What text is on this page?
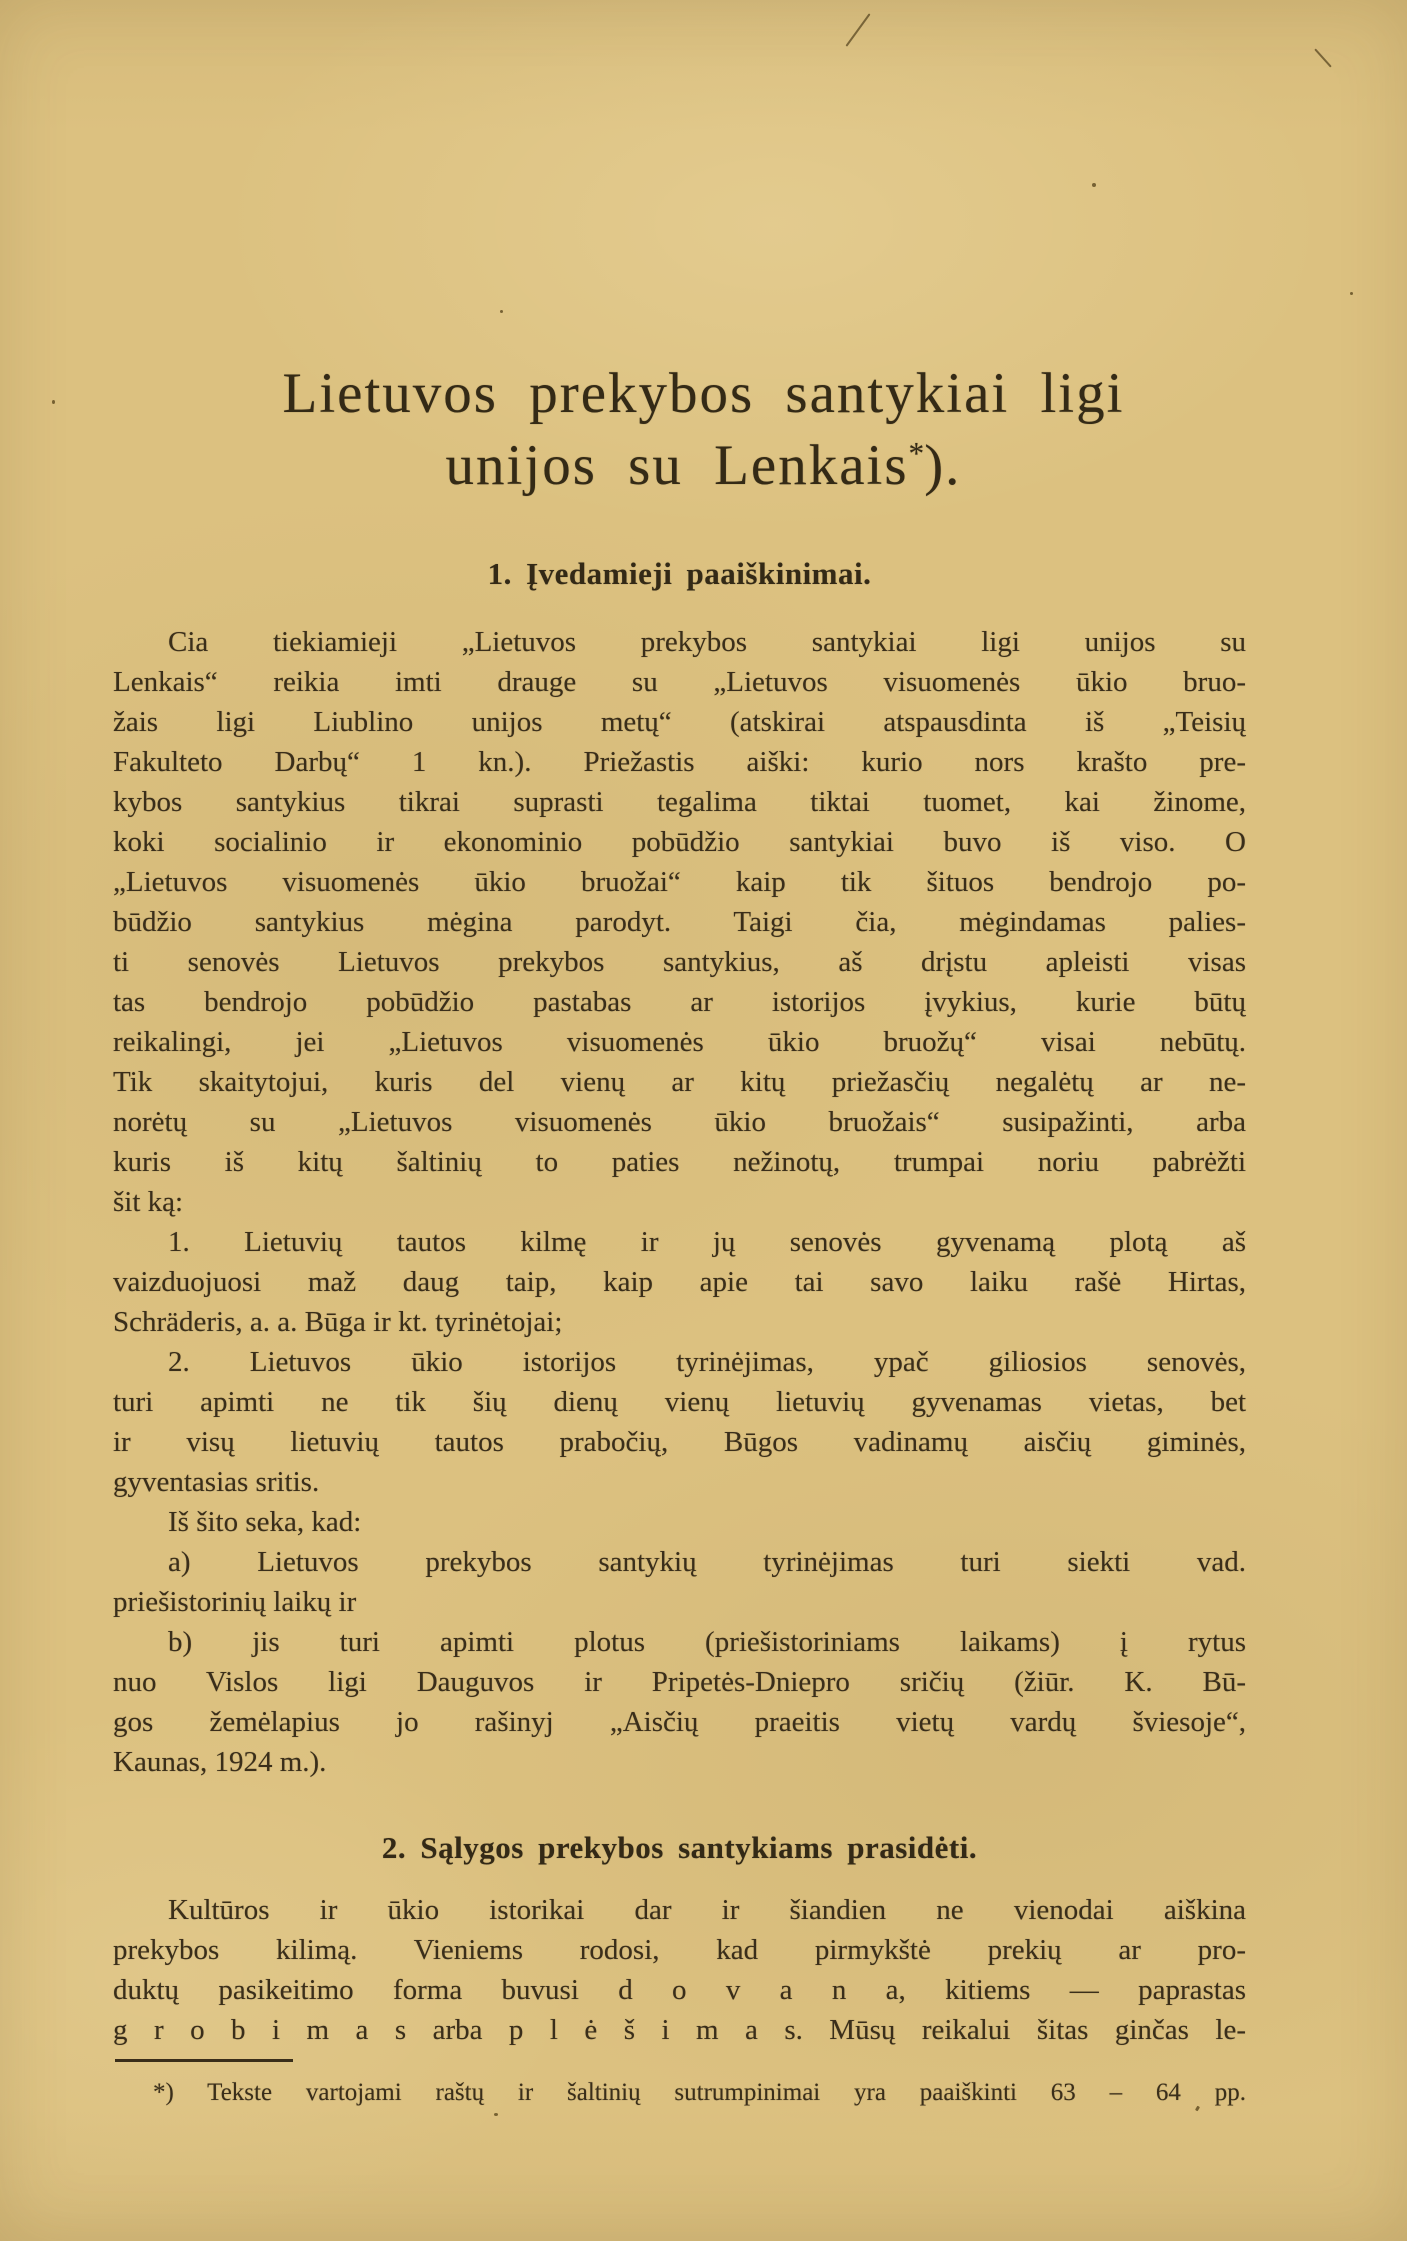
Lietuvos prekybos santykiai ligi
unijos su Lenkais*).
1. Įvedamieji paaiškinimai.
Cia tiekiamieji „Lietuvos prekybos santykiai ligi unijos su
Lenkais“ reikia imti drauge su „Lietuvos visuomenės ūkio bruo-
žais ligi Liublino unijos metų“ (atskirai atspausdinta iš „Teisių
Fakulteto Darbų“ 1 kn.). Priežastis aiški: kurio nors krašto pre-
kybos santykius tikrai suprasti tegalima tiktai tuomet, kai žinome,
koki socialinio ir ekonominio pobūdžio santykiai buvo iš viso. O
„Lietuvos visuomenės ūkio bruožai“ kaip tik šituos bendrojo po-
būdžio santykius mėgina parodyt. Taigi čia, mėgindamas palies-
ti senovės Lietuvos prekybos santykius, aš drįstu apleisti visas
tas bendrojo pobūdžio pastabas ar istorijos įvykius, kurie būtų
reikalingi, jei „Lietuvos visuomenės ūkio bruožų“ visai nebūtų.
Tik skaitytojui, kuris del vienų ar kitų priežasčių negalėtų ar ne-
norėtų su „Lietuvos visuomenės ūkio bruožais“ susipažinti, arba
kuris iš kitų šaltinių to paties nežinotų, trumpai noriu pabrėžti
šit ką:
1. Lietuvių tautos kilmę ir jų senovės gyvenamą plotą aš
vaizduojuosi maž daug taip, kaip apie tai savo laiku rašė Hirtas,
Schräderis, a. a. Būga ir kt. tyrinėtojai;
2. Lietuvos ūkio istorijos tyrinėjimas, ypač giliosios senovės,
turi apimti ne tik šių dienų vienų lietuvių gyvenamas vietas, bet
ir visų lietuvių tautos prabočių, Būgos vadinamų aisčių giminės,
gyventasias sritis.
Iš šito seka, kad:
a) Lietuvos prekybos santykių tyrinėjimas turi siekti vad.
priešistorinių laikų ir
b) jis turi apimti plotus (priešistoriniams laikams) į rytus
nuo Vislos ligi Dauguvos ir Pripetės-Dniepro sričių (žiūr. K. Bū-
gos žemėlapius jo rašinyj „Aisčių praeitis vietų vardų šviesoje“,
Kaunas, 1924 m.).
2. Sąlygos prekybos santykiams prasidėti.
Kultūros ir ūkio istorikai dar ir šiandien ne vienodai aiškina
prekybos kilimą. Vieniems rodosi, kad pirmykštė prekių ar pro-
duktų pasikeitimo forma buvusi d o v a n a, kitiems — paprastas
g r o b i m a s arba p l ė š i m a s. Mūsų reikalui šitas ginčas le-
*) Tekste vartojami raštų ir šaltinių sutrumpinimai yra paaiškinti 63 – 64 pp.
